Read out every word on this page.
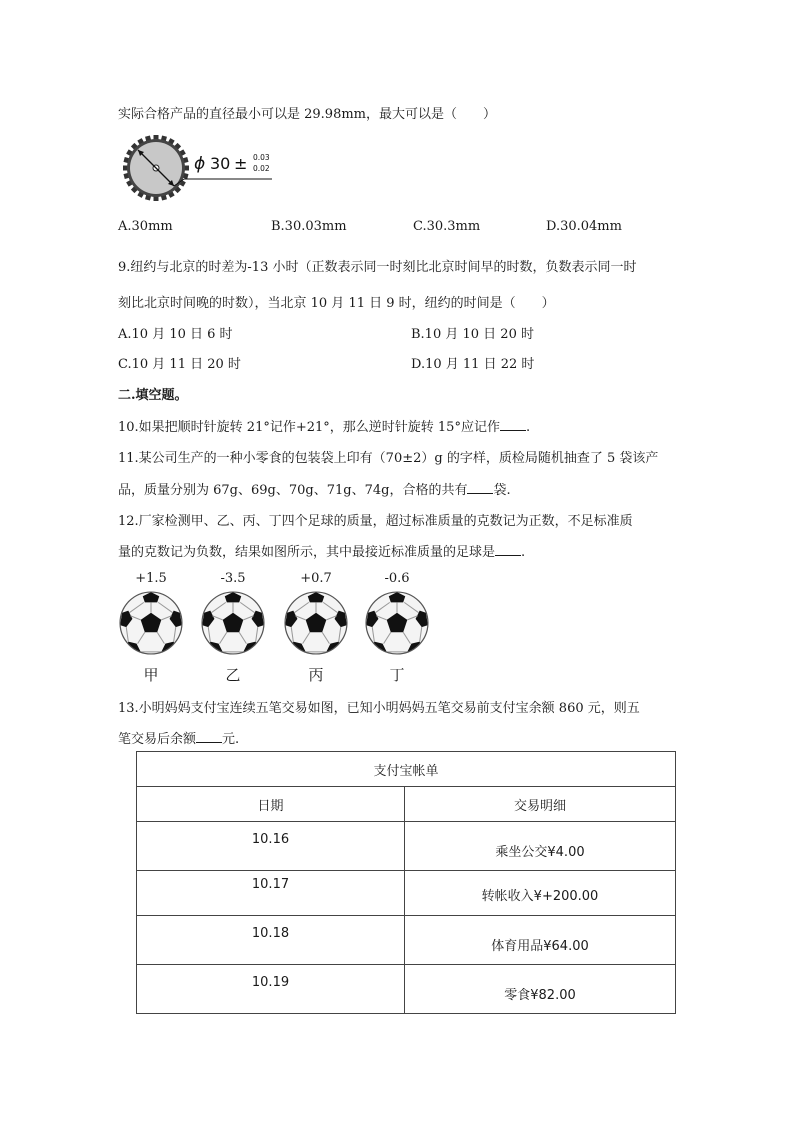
实际合格产品的直径最小可以是 29.98mm，最大可以是（　　）
ϕ 30 ± 0.03
0.02
A.30mm	B.30.03mm	C.30.3mm	D.30.04mm
9.纽约与北京的时差为-13 小时（正数表示同一时刻比北京时间早的时数，负数表示同一时
刻比北京时间晚的时数），当北京 10 月 11 日 9 时，纽约的时间是（　　）
A.10 月 10 日 6 时	B.10 月 10 日 20 时
C.10 月 11 日 20 时	D.10 月 11 日 22 时
二.填空题。
10.如果把顺时针旋转 21°记作+21°，那么逆时针旋转 15°应记作 .
11.某公司生产的一种小零食的包装袋上印有（70±2）g 的字样，质检局随机抽查了 5 袋该产
品，质量分别为 67g、69g、70g、71g、74g，合格的共有 袋.
12.厂家检测甲、乙、丙、丁四个足球的质量，超过标准质量的克数记为正数，不足标准质
量的克数记为负数，结果如图所示，其中最接近标准质量的足球是 .
+1.5
甲
-3.5
乙
+0.7
丙
-0.6
丁
13.小明妈妈支付宝连续五笔交易如图，已知小明妈妈五笔交易前支付宝余额 860 元，则五
笔交易后余额 元.
支付宝帐单	
日期	交易明细
10.16	乘坐公交¥4.00
10.17	转帐收入¥+200.00
10.18	体育用品¥64.00
10.19	零食¥82.00
